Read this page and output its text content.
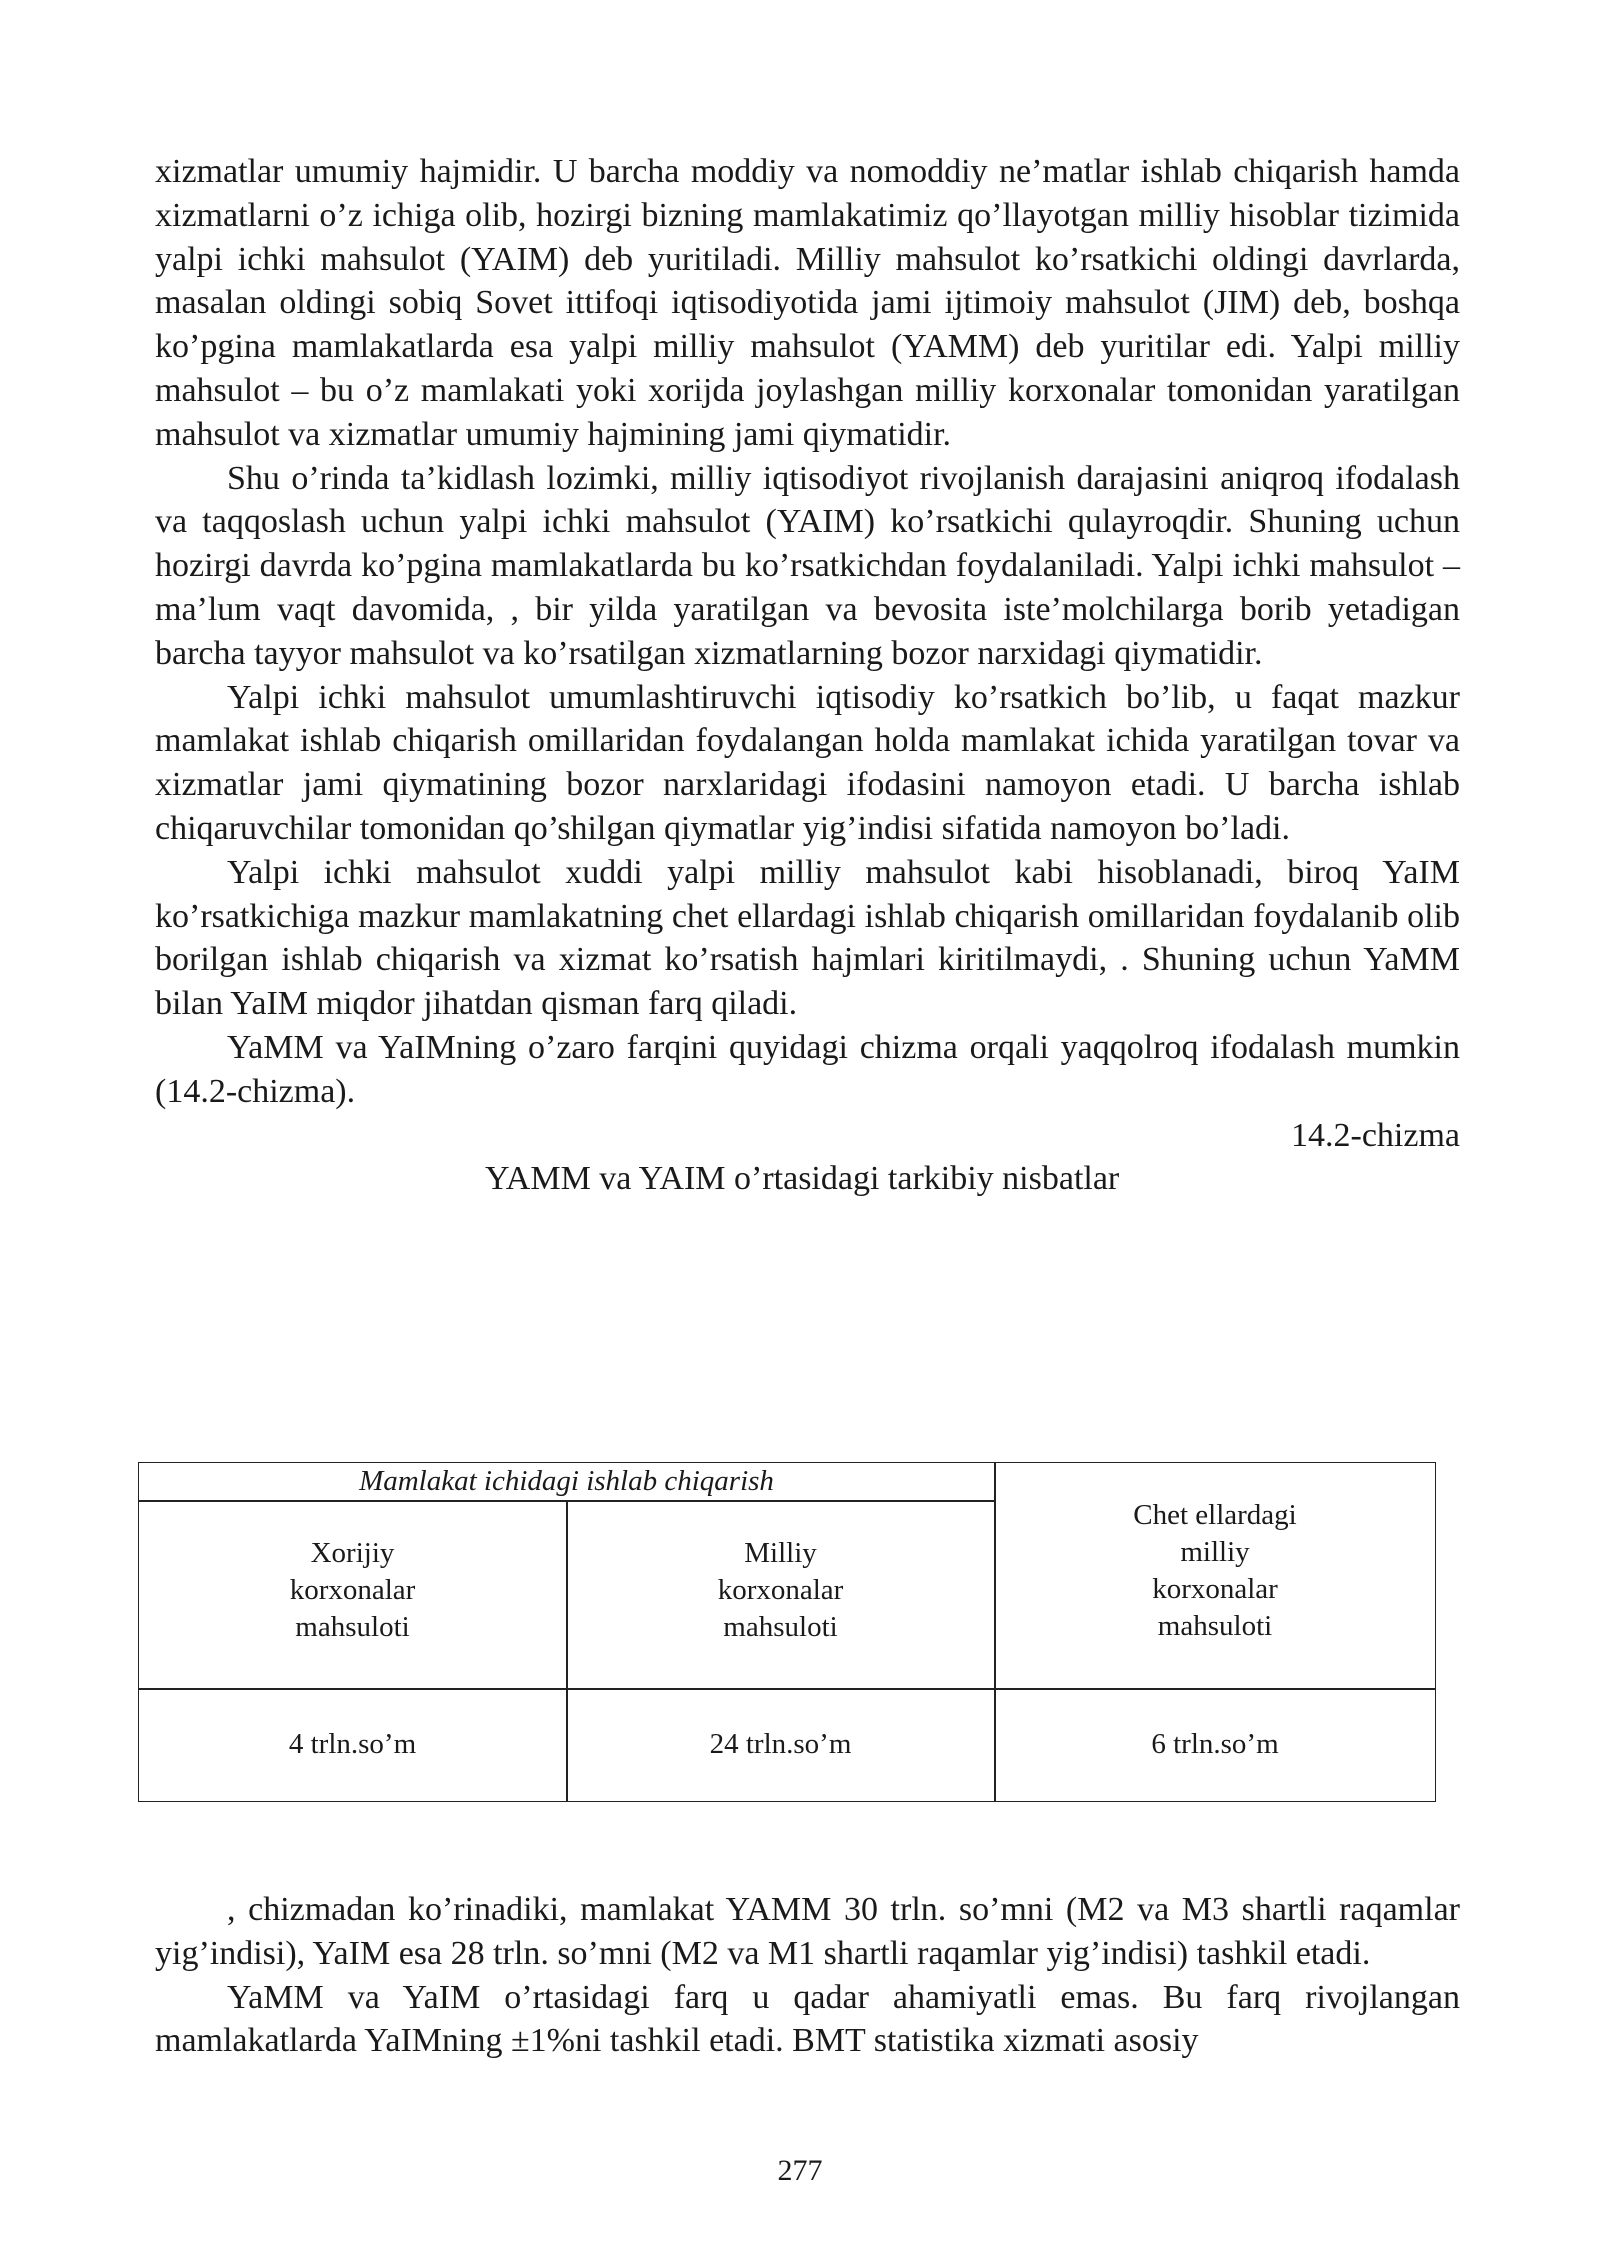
xizmatlar umumiy hajmidir. U barcha moddiy va nomoddiy ne’matlar ishlab chiqarish hamda xizmatlarni o’z ichiga olib, hozirgi bizning mamlakatimiz qo’llayotgan milliy hisoblar tizimida yalpi ichki mahsulot (YAIM) deb yuritiladi. Milliy mahsulot ko’rsatkichi oldingi davrlarda, masalan oldingi sobiq Sovet ittifoqi iqtisodiyotida jami ijtimoiy mahsulot (JIM) deb, boshqa ko’pgina mamlakatlarda esa yalpi milliy mahsulot (YAMM) deb yuritilar edi. Yalpi milliy mahsulot – bu o’z mamlakati yoki xorijda joylashgan milliy korxonalar tomonidan yaratilgan mahsulot va xizmatlar umumiy hajmining jami qiymatidir.

Shu o’rinda ta’kidlash lozimki, milliy iqtisodiyot rivojlanish darajasini aniqroq ifodalash va taqqoslash uchun yalpi ichki mahsulot (YAIM) ko’rsatkichi qulayroqdir. Shuning uchun hozirgi davrda ko’pgina mamlakatlarda bu ko’rsatkichdan foydalaniladi. Yalpi ichki mahsulot – ma’lum vaqt davomida, , bir yilda yaratilgan va bevosita iste’molchilarga borib yetadigan barcha tayyor mahsulot va ko’rsatilgan xizmatlarning bozor narxidagi qiymatidir.

Yalpi ichki mahsulot umumlashtiruvchi iqtisodiy ko’rsatkich bo’lib, u faqat mazkur mamlakat ishlab chiqarish omillaridan foydalangan holda mamlakat ichida yaratilgan tovar va xizmatlar jami qiymatining bozor narxlaridagi ifodasini namoyon etadi. U barcha ishlab chiqaruvchilar tomonidan qo’shilgan qiymatlar yig’indisi sifatida namoyon bo’ladi.

Yalpi ichki mahsulot xuddi yalpi milliy mahsulot kabi hisoblanadi, biroq YaIM ko’rsatkichiga mazkur mamlakatning chet ellardagi ishlab chiqarish omillaridan foydalanib olib borilgan ishlab chiqarish va xizmat ko’rsatish hajmlari kiritilmaydi, . Shuning uchun YaMM bilan YaIM miqdor jihatdan qisman farq qiladi.

YaMM va YaIMning o’zaro farqini quyidagi chizma orqali yaqqolroq ifodalash mumkin (14.2-chizma).

14.2-chizma

YAMM va YAIM o’rtasidagi tarkibiy nisbatlar

Mamlakat ichidagi ishlab chiqarish
Xorijiy
korxonalar
mahsuloti
Milliy
korxonalar
mahsuloti
Chet ellardagi
milliy
korxonalar
mahsuloti
4 trln.so’m	24 trln.so’m	6 trln.so’m

, chizmadan ko’rinadiki, mamlakat YAMM 30 trln. so’mni (M2 va M3 shartli raqamlar yig’indisi), YaIM esa 28 trln. so’mni (M2 va M1 shartli raqamlar yig’indisi) tashkil etadi.

YaMM va YaIM o’rtasidagi farq u qadar ahamiyatli emas. Bu farq rivojlangan mamlakatlarda YaIMning ±1%ni tashkil etadi. BMT statistika xizmati asosiy

277
